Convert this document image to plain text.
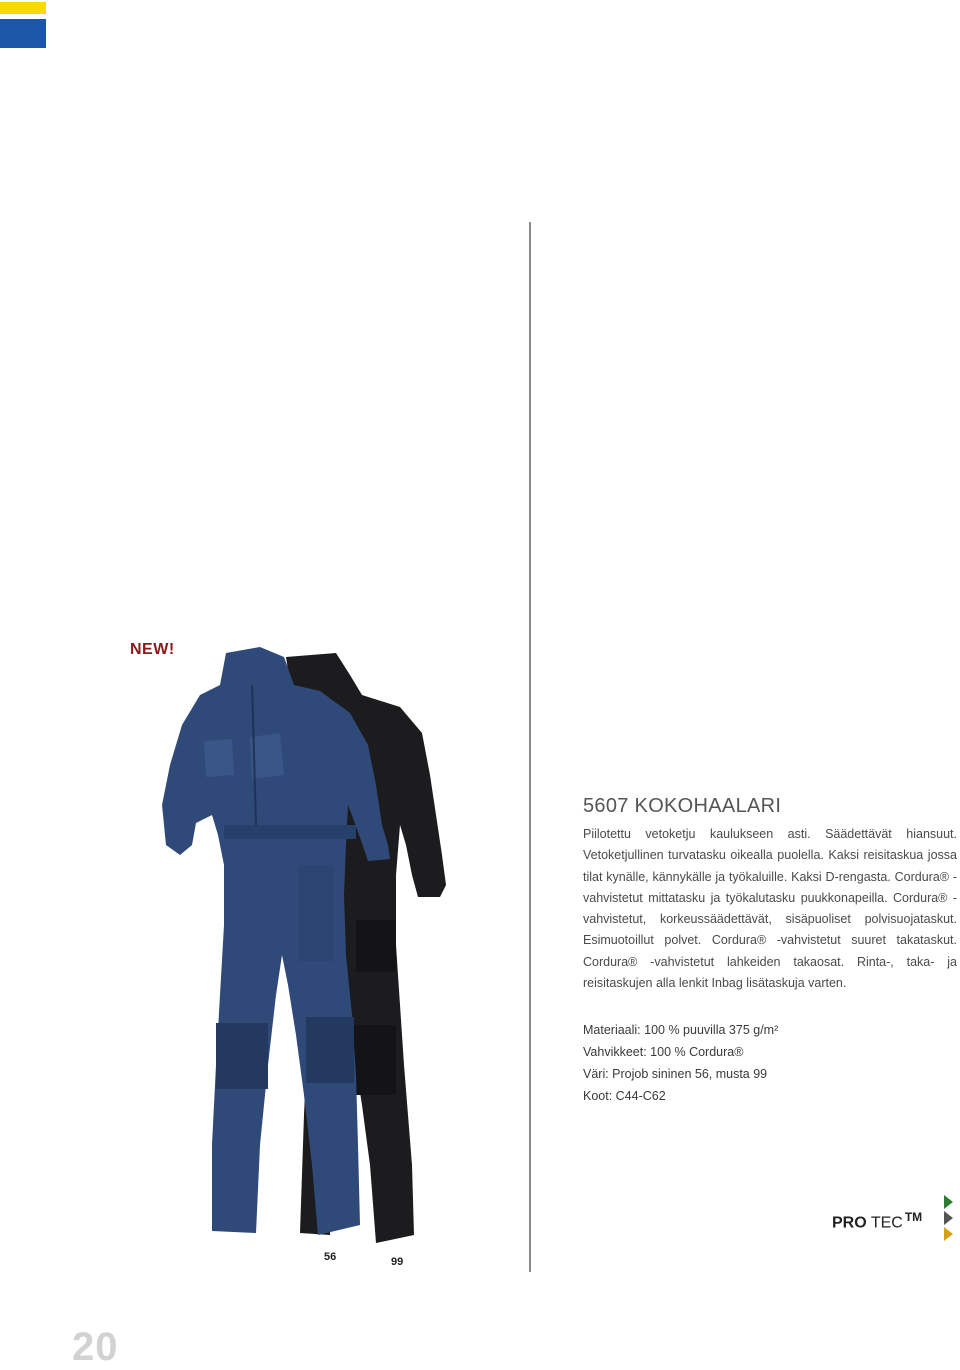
NEW!
56	99
5607 KOKOHAALARI

Piilotettu vetoketju kaulukseen asti. Säädettävät hiansuut. Vetoketjullinen turvatasku oikealla puolella. Kaksi reisitaskua jossa tilat kynälle, kännykälle ja työkaluille. Kaksi D-rengasta. Cordura® -vahvistetut mittatasku ja työkalutasku puukkonapeilla. Cordura® -vahvistetut, korkeussäädettävät, sisäpuoliset polvisuojataskut. Esimuotoillut polvet. Cordura® -vahvistetut suuret takataskut. Cordura® -vahvistetut lahkeiden takaosat. Rinta-, taka- ja reisitaskujen alla lenkit Inbag lisätaskuja varten.

Materiaali: 100 % puuvilla 375 g/m²
Vahvikkeet: 100 % Cordura®
Väri: Projob sininen 56, musta 99
Koot: C44-C62
PRO TEC ™
20
